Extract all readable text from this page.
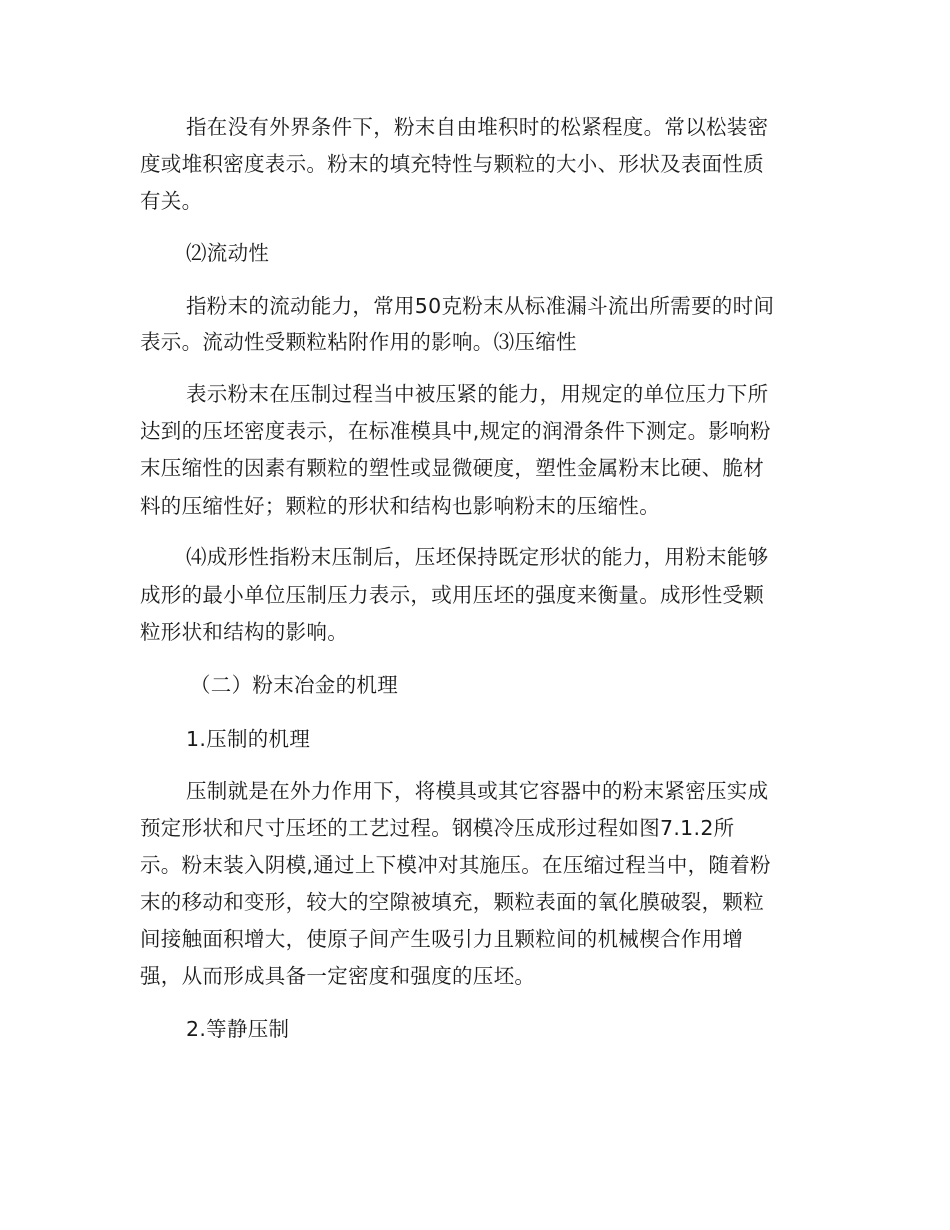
指在没有外界条件下，粉末自由堆积时的松紧程度。常以松装密
度或堆积密度表示。粉末的填充特性与颗粒的大小、形状及表面性质
有关。
⑵流动性
指粉末的流动能力，常用50克粉末从标准漏斗流出所需要的时间
表示。流动性受颗粒粘附作用的影响。⑶压缩性
表示粉末在压制过程当中被压紧的能力，用规定的单位压力下所
达到的压坯密度表示，在标准模具中,规定的润滑条件下测定。影响粉
末压缩性的因素有颗粒的塑性或显微硬度，塑性金属粉末比硬、脆材
料的压缩性好；颗粒的形状和结构也影响粉末的压缩性。
⑷成形性指粉末压制后，压坯保持既定形状的能力，用粉末能够
成形的最小单位压制压力表示，或用压坯的强度来衡量。成形性受颗
粒形状和结构的影响。
（二）粉末冶金的机理
1.压制的机理
压制就是在外力作用下，将模具或其它容器中的粉末紧密压实成
预定形状和尺寸压坯的工艺过程。钢模冷压成形过程如图7.1.2所
示。粉末装入阴模,通过上下模冲对其施压。在压缩过程当中，随着粉
末的移动和变形，较大的空隙被填充，颗粒表面的氧化膜破裂，颗粒
间接触面积增大，使原子间产生吸引力且颗粒间的机械楔合作用增
强，从而形成具备一定密度和强度的压坯。
2.等静压制
